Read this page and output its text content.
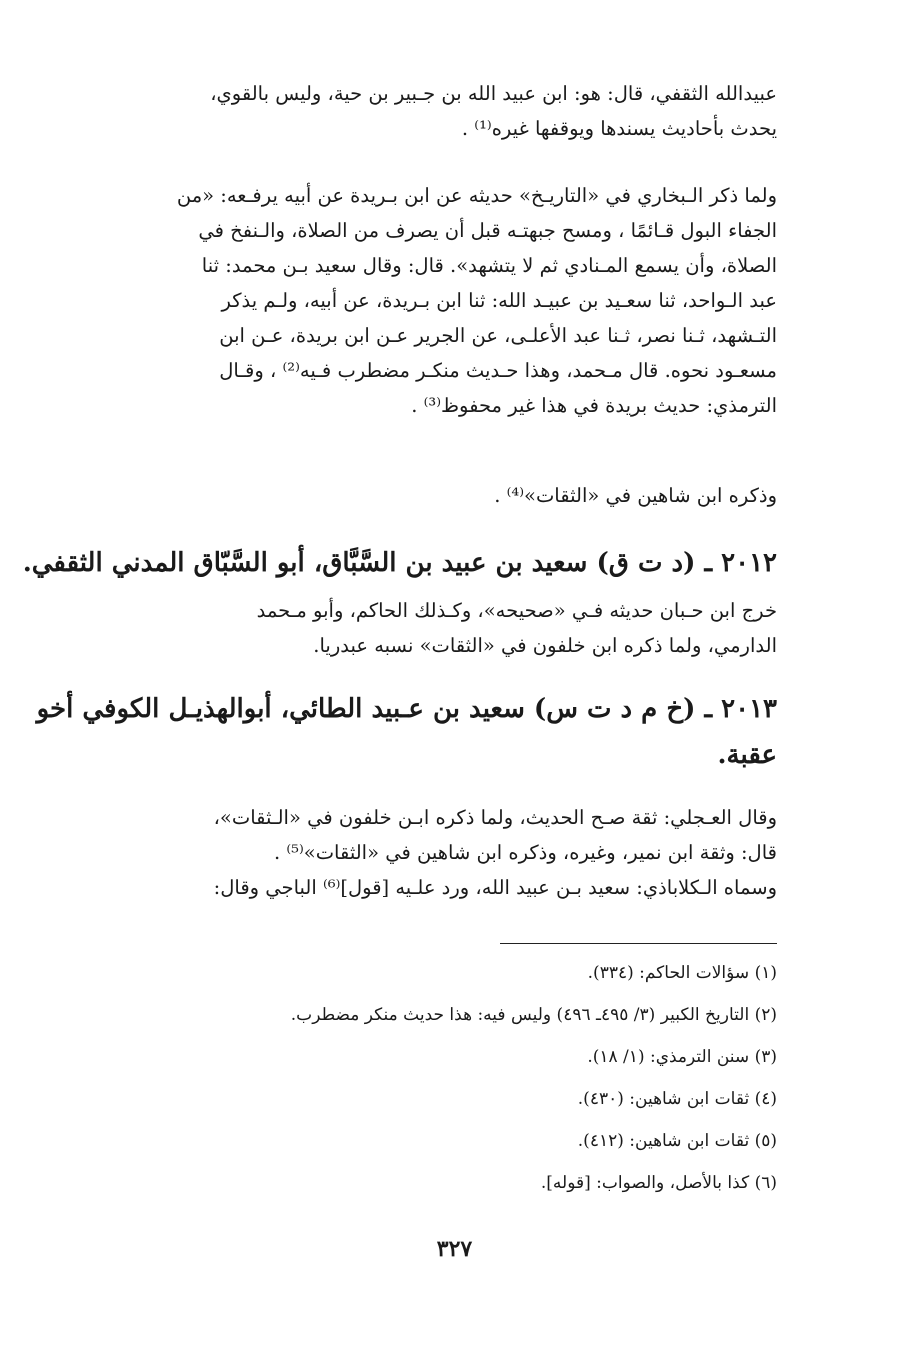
عبيدالله الثقفي، قال: هو: ابن عبيد الله بن جـبير بن حية، وليس بالقوي،
يحدث بأحاديث يسندها ويوقفها غيره⁽¹⁾ .
ولما ذكر الـبخاري في «التاريـخ» حديثه عن ابن بـريدة عن أبيه يرفـعه: «من
الجفاء البول قـائمًا ، ومسح جبهتـه قبل أن يصرف من الصلاة، والـنفخ في
الصلاة، وأن يسمع المـنادي ثم لا يتشهد». قال: وقال سعيد بـن محمد: ثنا
عبد الـواحد، ثنا سعـيد بن عبيـد الله: ثنا ابن بـريدة، عن أبيه، ولـم يذكر
التـشهد، ثـنا نصر، ثـنا عبد الأعلـى، عن الجرير عـن ابن بريدة، عـن ابن
مسعـود نحوه. قال مـحمد، وهذا حـديث منكـر مضطرب فـيه⁽²⁾ ، وقـال
الترمذي: حديث بريدة في هذا غير محفوظ⁽³⁾ .
وذكره ابن شاهين في «الثقات»⁽⁴⁾ .
٢٠١٢ ـ (د ت ق) سعيد بن عبيد بن السَّبَّاق، أبو السَّبّاق المدني الثقفي.
خرج ابن حـبان حديثه فـي «صحيحه»، وكـذلك الحاكم، وأبو مـحمد
الدارمي، ولما ذكره ابن خلفون في «الثقات» نسبه عبدريا.
٢٠١٣ ـ (خ م د ت س) سعيد بن عـبيد الطائي، أبوالهذيـل الكوفي أخو
عقبة.
وقال العـجلي: ثقة صـح الحديث، ولما ذكره ابـن خلفون في «الـثقات»،
قال: وثقة ابن نمير، وغيره، وذكره ابن شاهين في «الثقات»⁽⁵⁾ .
وسماه الـكلاباذي: سعيد بـن عبيد الله، ورد علـيه [قول]⁽⁶⁾ الباجي وقال:
(١) سؤالات الحاكم: (٣٣٤).
(٢) التاريخ الكبير (٣/ ٤٩٥ـ ٤٩٦) وليس فيه: هذا حديث منكر مضطرب.
(٣) سنن الترمذي: (١/ ١٨).
(٤) ثقات ابن شاهين: (٤٣٠).
(٥) ثقات ابن شاهين: (٤١٢).
(٦) كذا بالأصل، والصواب: [قوله].
٣٢٧
